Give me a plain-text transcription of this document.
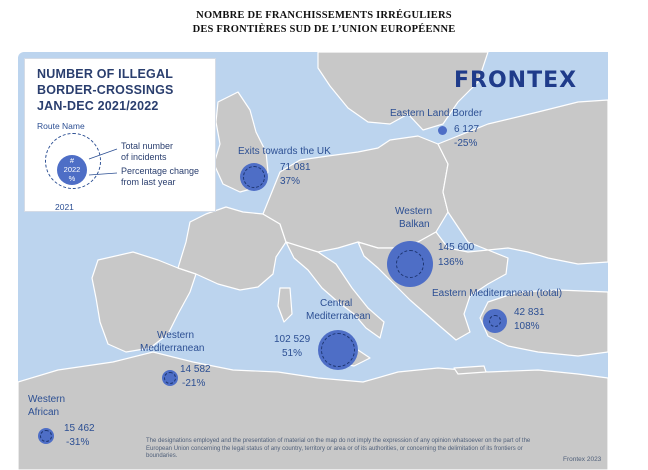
NOMBRE DE FRANCHISSEMENTS IRRÉGULIERS
DES FRONTIÈRES SUD DE L’UNION EUROPÉENNE
NUMBER OF ILLEGAL
BORDER-CROSSINGS
JAN-DEC 2021/2022
Route Name
#
2022
%
2021
Total number
of incidents
Percentage change
from last year
FRONTEX
Eastern Land Border
6 127
-25%
Exits towards the UK
71 081
37%
Western
Balkan
145 600
136%
Eastern Mediterranean (total)
42 831
108%
Central
Mediterranean
102 529
51%
Western
Mediterranean
14 582
-21%
Western
African
15 462
-31%	The designations employed and the presentation of material on the map do not imply the expression of any opinion whatsoever on the part of the European Union concerning the legal status of any country, territory or area or of its authorities, or concerning the delimitation of its frontiers or boundaries.	Frontex 2023
